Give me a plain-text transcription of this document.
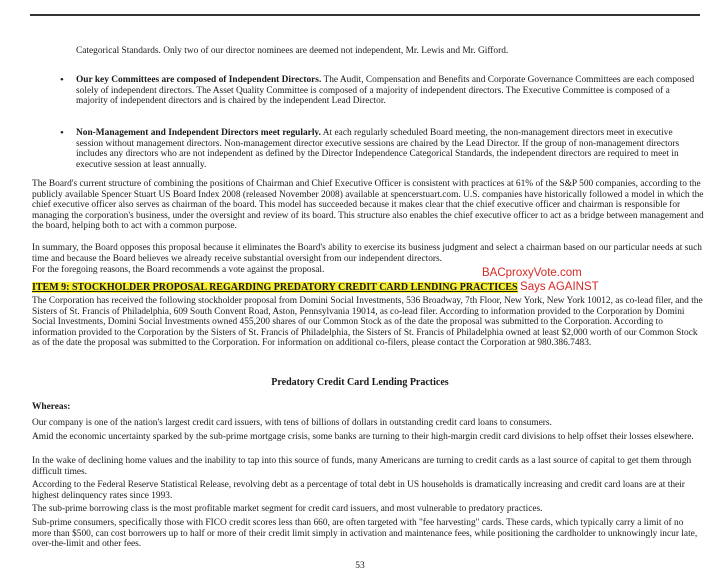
Categorical Standards. Only two of our director nominees are deemed not independent, Mr. Lewis and Mr. Gifford.

• Our key Committees are composed of Independent Directors. The Audit, Compensation and Benefits and Corporate Governance Committees are each composed solely of independent directors. The Asset Quality Committee is composed of a majority of independent directors. The Executive Committee is composed of a majority of independent directors and is chaired by the independent Lead Director.

• Non-Management and Independent Directors meet regularly. At each regularly scheduled Board meeting, the non-management directors meet in executive session without management directors. Non-management director executive sessions are chaired by the Lead Director. If the group of non-management directors includes any directors who are not independent as defined by the Director Independence Categorical Standards, the independent directors are required to meet in executive session at least annually.

The Board's current structure of combining the positions of Chairman and Chief Executive Officer is consistent with practices at 61% of the S&P 500 companies, according to the publicly available Spencer Stuart US Board Index 2008 (released November 2008) available at spencerstuart.com. U.S. companies have historically followed a model in which the chief executive officer also serves as chairman of the board. This model has succeeded because it makes clear that the chief executive officer and chairman is responsible for managing the corporation's business, under the oversight and review of its board. This structure also enables the chief executive officer to act as a bridge between management and the board, helping both to act with a common purpose.

In summary, the Board opposes this proposal because it eliminates the Board's ability to exercise its business judgment and select a chairman based on our particular needs at such time and because the Board believes we already receive substantial oversight from our independent directors.

For the foregoing reasons, the Board recommends a vote against the proposal.	BACproxyVote.com
ITEM 9: STOCKHOLDER PROPOSAL REGARDING PREDATORY CREDIT CARD LENDING PRACTICES Says AGAINST

The Corporation has received the following stockholder proposal from Domini Social Investments, 536 Broadway, 7th Floor, New York, New York 10012, as co-lead filer, and the Sisters of St. Francis of Philadelphia, 609 South Convent Road, Aston, Pennsylvania 19014, as co-lead filer. According to information provided to the Corporation by Domini Social Investments, Domini Social Investments owned 455,200 shares of our Common Stock as of the date the proposal was submitted to the Corporation. According to information provided to the Corporation by the Sisters of St. Francis of Philadelphia, the Sisters of St. Francis of Philadelphia owned at least $2,000 worth of our Common Stock as of the date the proposal was submitted to the Corporation. For information on additional co-filers, please contact the Corporation at 980.386.7483.

Predatory Credit Card Lending Practices

Whereas:

Our company is one of the nation's largest credit card issuers, with tens of billions of dollars in outstanding credit card loans to consumers.

Amid the economic uncertainty sparked by the sub-prime mortgage crisis, some banks are turning to their high-margin credit card divisions to help offset their losses elsewhere.

In the wake of declining home values and the inability to tap into this source of funds, many Americans are turning to credit cards as a last source of capital to get them through difficult times.

According to the Federal Reserve Statistical Release, revolving debt as a percentage of total debt in US households is dramatically increasing and credit card loans are at their highest delinquency rates since 1993.

The sub-prime borrowing class is the most profitable market segment for credit card issuers, and most vulnerable to predatory practices.

Sub-prime consumers, specifically those with FICO credit scores less than 660, are often targeted with "fee harvesting" cards. These cards, which typically carry a limit of no more than $500, can cost borrowers up to half or more of their credit limit simply in activation and maintenance fees, while positioning the cardholder to unknowingly incur late, over-the-limit and other fees.

53
